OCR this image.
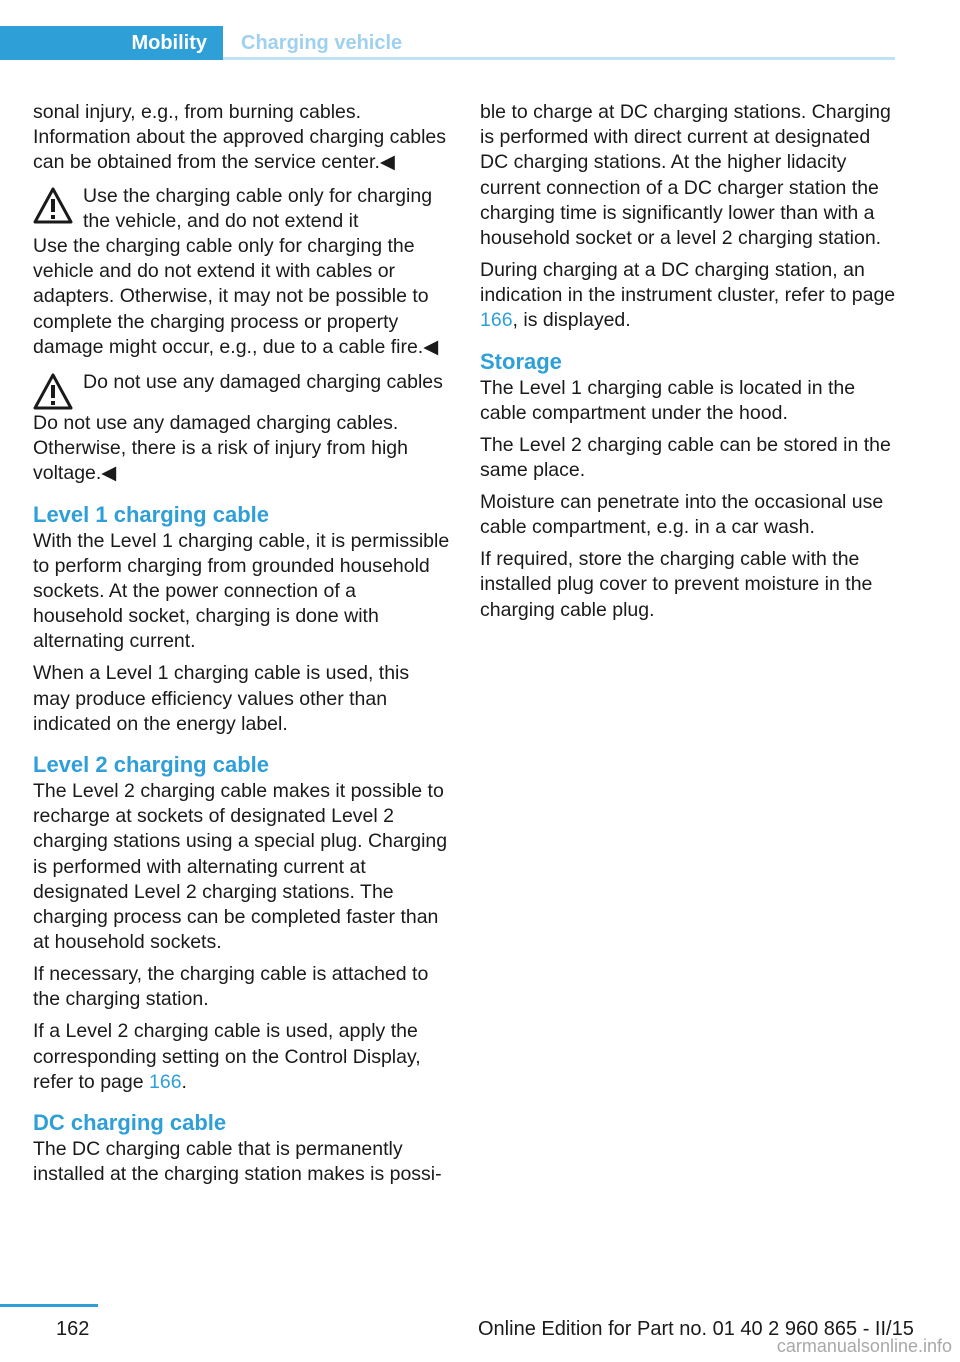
Mobility Charging vehicle

sonal injury, e.g., from burning cables. Information about the approved charging cables can be obtained from the service center.◀

Use the charging cable only for charging the vehicle, and do not extend it

Use the charging cable only for charging the vehicle and do not extend it with cables or adapters. Otherwise, it may not be possible to complete the charging process or property damage might occur, e.g., due to a cable fire.◀

Do not use any damaged charging cables

Do not use any damaged charging cables. Otherwise, there is a risk of injury from high voltage.◀

Level 1 charging cable

With the Level 1 charging cable, it is permissible to perform charging from grounded household sockets. At the power connection of a household socket, charging is done with alternating current.

When a Level 1 charging cable is used, this may produce efficiency values other than indicated on the energy label.

Level 2 charging cable

The Level 2 charging cable makes it possible to recharge at sockets of designated Level 2 charging stations using a special plug. Charging is performed with alternating current at designated Level 2 charging stations. The charging process can be completed faster than at household sockets.

If necessary, the charging cable is attached to the charging station.

If a Level 2 charging cable is used, apply the corresponding setting on the Control Display, refer to page 166.

DC charging cable

The DC charging cable that is permanently installed at the charging station makes is possi-

ble to charge at DC charging stations. Charging is performed with direct current at designated DC charging stations. At the higher lidacity current connection of a DC charger station the charging time is significantly lower than with a household socket or a level 2 charging station.

During charging at a DC charging station, an indication in the instrument cluster, refer to page 166, is displayed.

Storage

The Level 1 charging cable is located in the cable compartment under the hood.

The Level 2 charging cable can be stored in the same place.

Moisture can penetrate into the occasional use cable compartment, e.g. in a car wash.

If required, store the charging cable with the installed plug cover to prevent moisture in the charging cable plug.

162	Online Edition for Part no. 01 40 2 960 865 - II/15
carmanualsonline.info
